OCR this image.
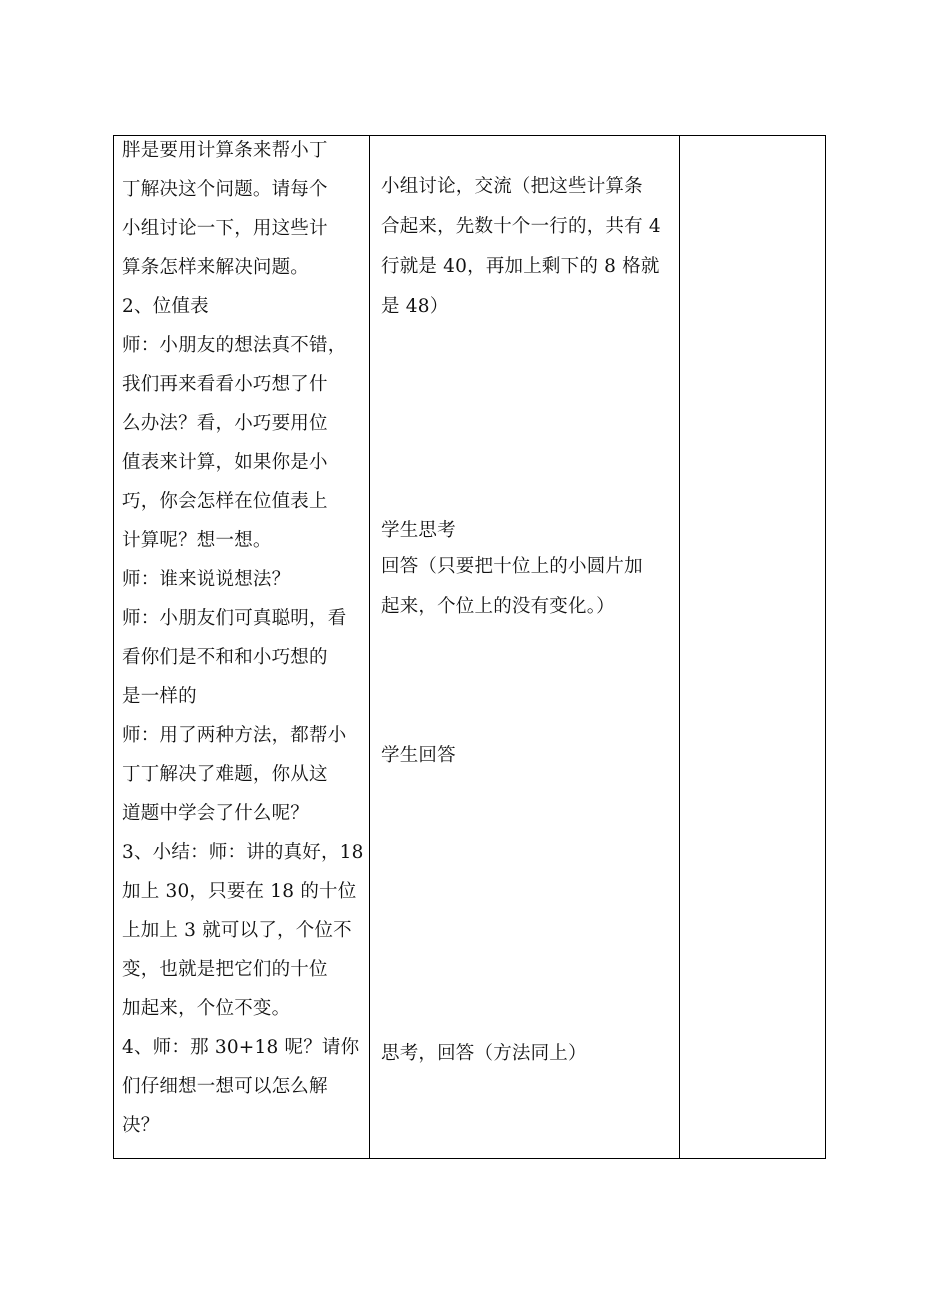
胖是要用计算条来帮小丁
丁解决这个问题。请每个
小组讨论一下，用这些计
算条怎样来解决问题。
2、位值表
师：小朋友的想法真不错，
我们再来看看小巧想了什
么办法？看，小巧要用位
值表来计算，如果你是小
巧，你会怎样在位值表上
计算呢？想一想。
师：谁来说说想法？
师：小朋友们可真聪明，看
看你们是不和和小巧想的
是一样的
师：用了两种方法，都帮小
丁丁解决了难题，你从这
道题中学会了什么呢？
3、小结：师：讲的真好，18
加上 30，只要在 18 的十位
上加上 3 就可以了，个位不
变，也就是把它们的十位
加起来，个位不变。
4、师：那 30+18 呢？请你
们仔细想一想可以怎么解
决？
小组讨论，交流（把这些计算条
合起来，先数十个一行的，共有 4
行就是 40，再加上剩下的 8 格就
是 48）
学生思考
回答（只要把十位上的小圆片加
起来，个位上的没有变化。）
学生回答
思考，回答（方法同上）
